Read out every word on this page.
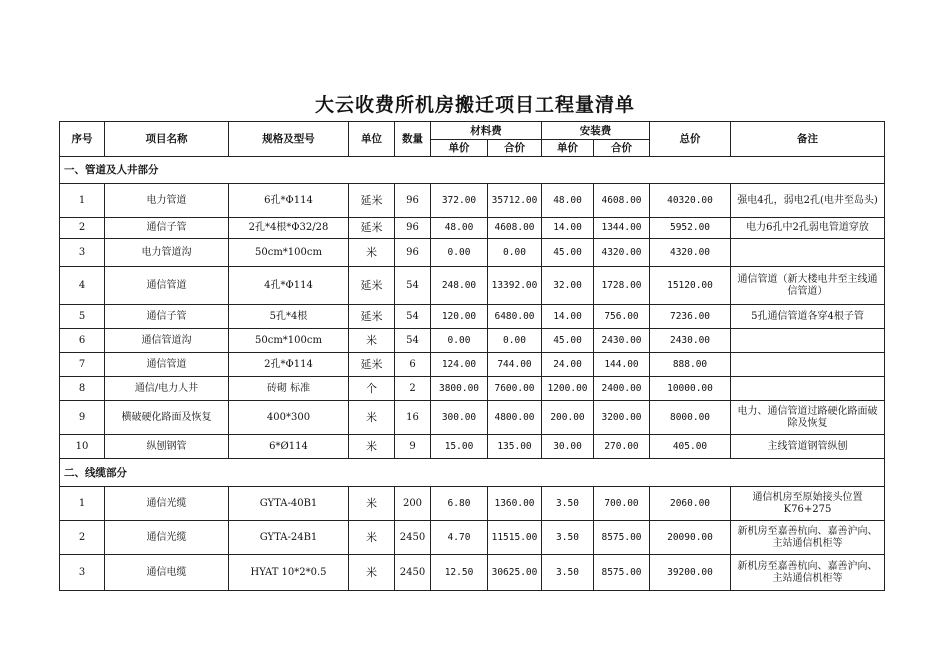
大云收费所机房搬迁项目工程量清单
序号	项目名称	规格及型号	单位	数量	材料费		安装费		总价	备注
					单价	合价	单价	合价		
一、管道及人井部分										
1	电力管道	6孔*Φ114	延米	96	372.00	35712.00	48.00	4608.00	40320.00	强电4孔，弱电2孔(电井至岛头)
2	通信子管	2孔*4根*Φ32/28	延米	96	48.00	4608.00	14.00	1344.00	5952.00	电力6孔中2孔弱电管道穿放
3	电力管道沟	50cm*100cm	米	96	0.00	0.00	45.00	4320.00	4320.00	
4	通信管道	4孔*Φ114	延米	54	248.00	13392.00	32.00	1728.00	15120.00	通信管道（新大楼电井至主线通信管道）
5	通信子管	5孔*4根	延米	54	120.00	6480.00	14.00	756.00	7236.00	5孔通信管道各穿4根子管
6	通信管道沟	50cm*100cm	米	54	0.00	0.00	45.00	2430.00	2430.00	
7	通信管道	2孔*Φ114	延米	6	124.00	744.00	24.00	144.00	888.00	
8	通信/电力人井	砖砌 标准	个	2	3800.00	7600.00	1200.00	2400.00	10000.00	
9	横破硬化路面及恢复	400*300	米	16	300.00	4800.00	200.00	3200.00	8000.00	电力、通信管道过路硬化路面破除及恢复
10	纵刨钢管	6*Ø114	米	9	15.00	135.00	30.00	270.00	405.00	主线管道钢管纵刨
二、线缆部分										
1	通信光缆	GYTA-40B1	米	200	6.80	1360.00	3.50	700.00	2060.00	通信机房至原始接头位置K76+275
2	通信光缆	GYTA-24B1	米	2450	4.70	11515.00	3.50	8575.00	20090.00	新机房至嘉善杭向、嘉善沪向、主站通信机柜等
3	通信电缆	HYAT 10*2*0.5	米	2450	12.50	30625.00	3.50	8575.00	39200.00	新机房至嘉善杭向、嘉善沪向、主站通信机柜等
